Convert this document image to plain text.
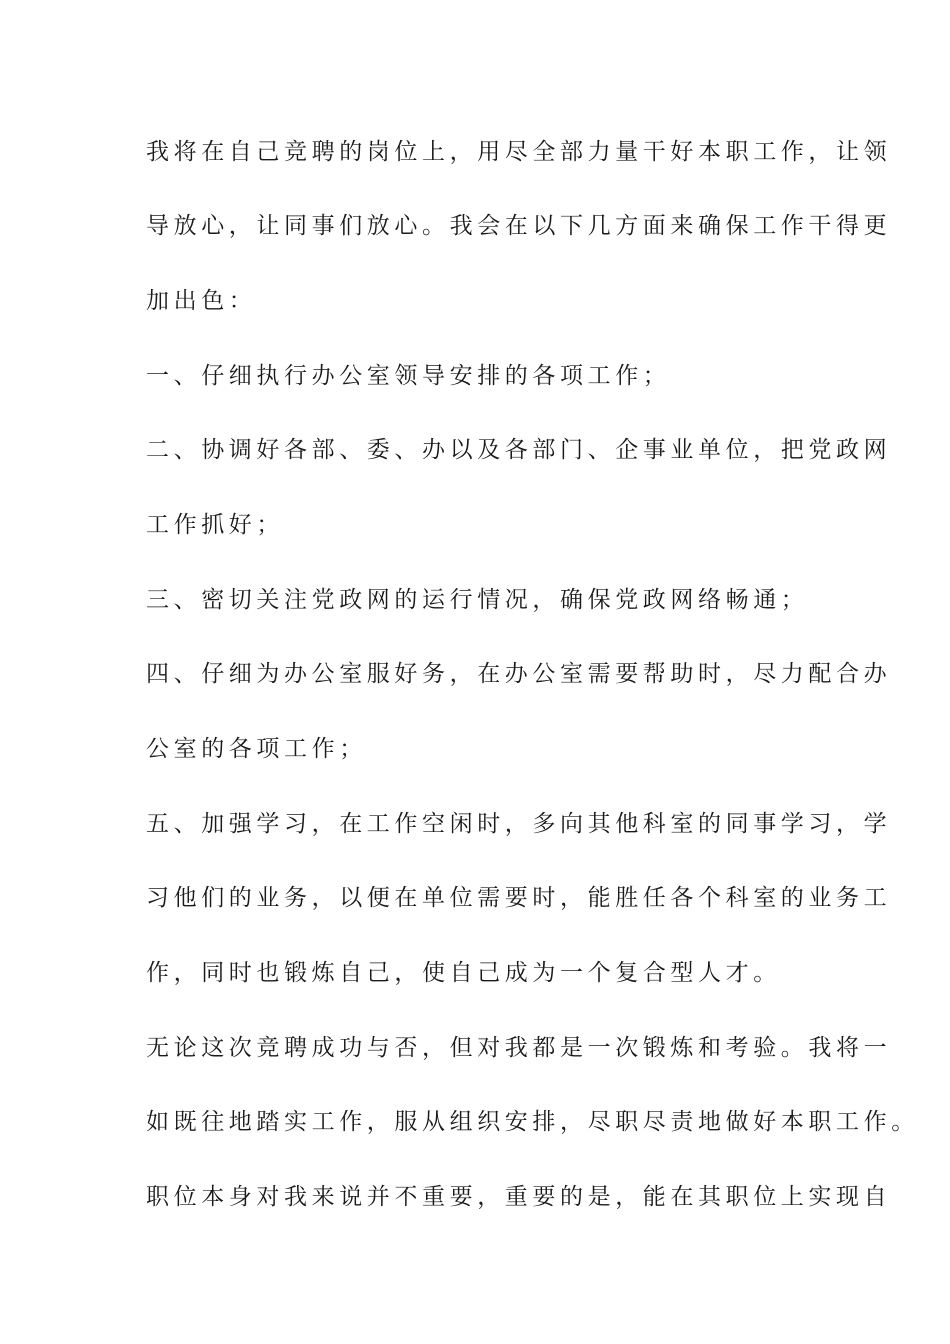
我将在自己竞聘的岗位上，用尽全部力量干好本职工作，让领
导放心，让同事们放心。我会在以下几方面来确保工作干得更
加出色：
一、仔细执行办公室领导安排的各项工作；
二、协调好各部、委、办以及各部门、企事业单位，把党政网
工作抓好；
三、密切关注党政网的运行情况，确保党政网络畅通；
四、仔细为办公室服好务，在办公室需要帮助时，尽力配合办
公室的各项工作；
五、加强学习，在工作空闲时，多向其他科室的同事学习，学
习他们的业务，以便在单位需要时，能胜任各个科室的业务工
作，同时也锻炼自己，使自己成为一个复合型人才。
无论这次竞聘成功与否，但对我都是一次锻炼和考验。我将一
如既往地踏实工作，服从组织安排，尽职尽责地做好本职工作。
职位本身对我来说并不重要，重要的是，能在其职位上实现自
